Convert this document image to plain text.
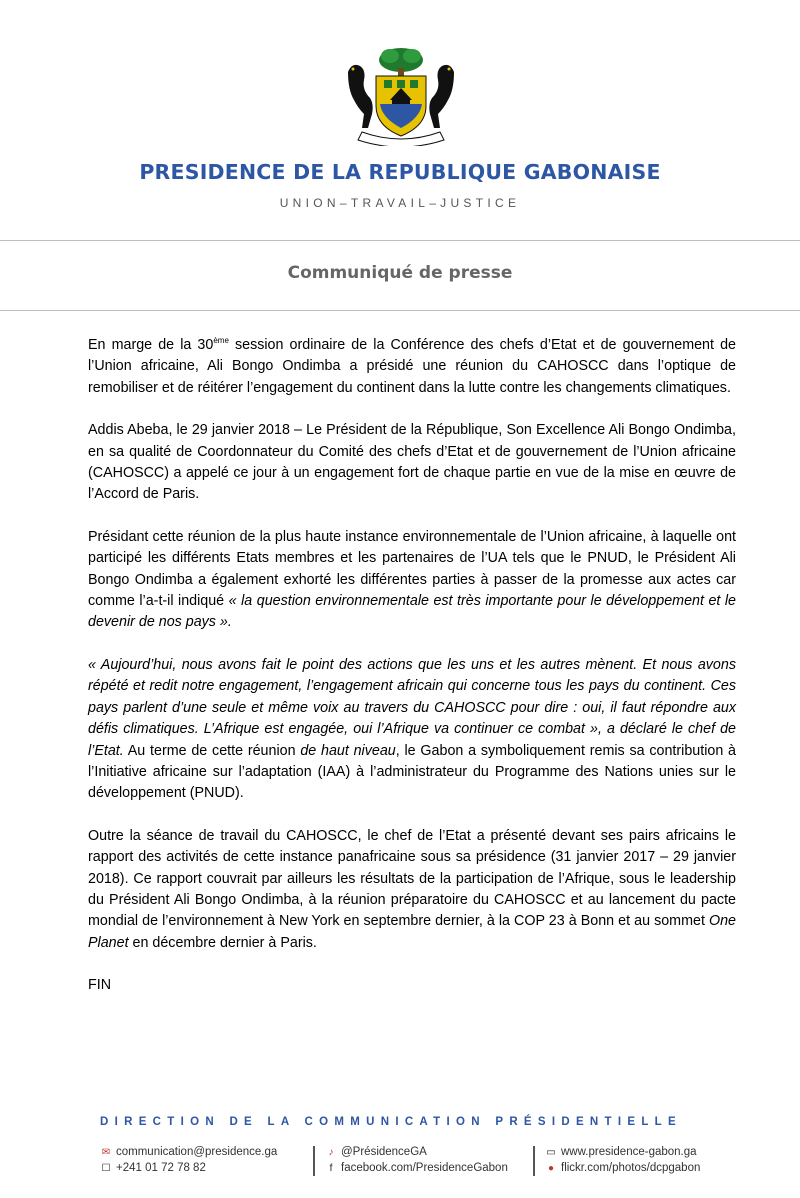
PRESIDENCE DE LA REPUBLIQUE GABONAISE
UNION–TRAVAIL–JUSTICE
Communiqué de presse

En marge de la 30ème session ordinaire de la Conférence des chefs d’Etat et de gouvernement de l’Union africaine, Ali Bongo Ondimba a présidé une réunion du CAHOSCC dans l’optique de remobiliser et de réitérer l’engagement du continent dans la lutte contre les changements climatiques.

Addis Abeba, le 29 janvier 2018 – Le Président de la République, Son Excellence Ali Bongo Ondimba, en sa qualité de Coordonnateur du Comité des chefs d’Etat et de gouvernement de l’Union africaine (CAHOSCC) a appelé ce jour à un engagement fort de chaque partie en vue de la mise en œuvre de l’Accord de Paris.

Présidant cette réunion de la plus haute instance environnementale de l’Union africaine, à laquelle ont participé les différents Etats membres et les partenaires de l’UA tels que le PNUD, le Président Ali Bongo Ondimba a également exhorté les différentes parties à passer de la promesse aux actes car comme l’a-t-il indiqué « la question environnementale est très importante pour le développement et le devenir de nos pays ».

« Aujourd’hui, nous avons fait le point des actions que les uns et les autres mènent. Et nous avons répété et redit notre engagement, l’engagement africain qui concerne tous les pays du continent. Ces pays parlent d’une seule et même voix au travers du CAHOSCC pour dire : oui, il faut répondre aux défis climatiques. L’Afrique est engagée, oui l’Afrique va continuer ce combat », a déclaré le chef de l’Etat. Au terme de cette réunion de haut niveau, le Gabon a symboliquement remis sa contribution à l’Initiative africaine sur l’adaptation (IAA) à l’administrateur du Programme des Nations unies sur le développement (PNUD).

Outre la séance de travail du CAHOSCC, le chef de l’Etat a présenté devant ses pairs africains le rapport des activités de cette instance panafricaine sous sa présidence (31 janvier 2017 – 29 janvier 2018). Ce rapport couvrait par ailleurs les résultats de la participation de l’Afrique, sous le leadership du Président Ali Bongo Ondimba, à la réunion préparatoire du CAHOSCC et au lancement du pacte mondial de l’environnement à New York en septembre dernier, à la COP 23 à Bonn et au sommet One Planet en décembre dernier à Paris.

FIN

DIRECTION DE LA COMMUNICATION PRÉSIDENTIELLE
✉ communication@presidence.ga
☐ +241 01 72 78 82
♪ @PrésidenceGA
f facebook.com/PresidenceGabon
▭ www.presidence-gabon.ga
● flickr.com/photos/dcpgabon
